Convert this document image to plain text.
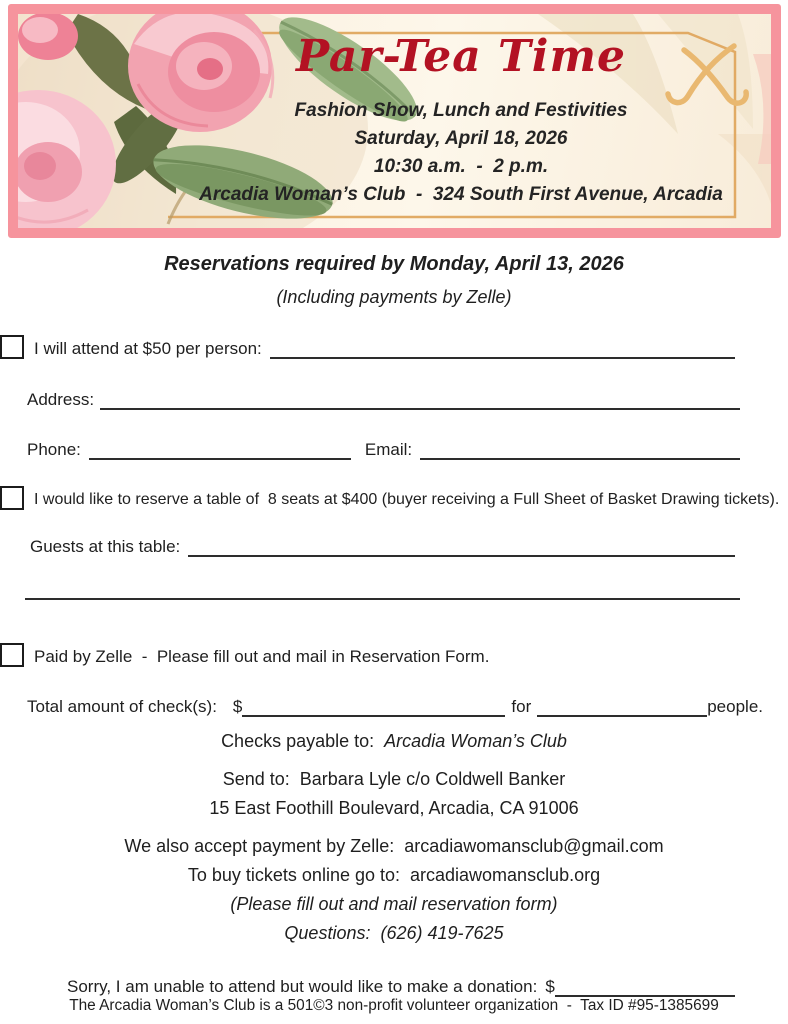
Par-Tea Time
Fashion Show, Lunch and Festivities
Saturday, April 18, 2026
10:30 a.m.  -  2 p.m.
Arcadia Woman’s Club  -  324 South First Avenue, Arcadia
Reservations required by Monday, April 13, 2026
(Including payments by Zelle)
I will attend at $50 per person:
Address:
Phone:	Email:
I would like to reserve a table of  8 seats at $400 (buyer receiving a Full Sheet of Basket Drawing tickets).
Guests at this table:
Paid by Zelle  -  Please fill out and mail in Reservation Form.
Total amount of check(s): $	for	people.
Checks payable to: Arcadia Woman’s Club
Send to:  Barbara Lyle c/o Coldwell Banker
15 East Foothill Boulevard, Arcadia, CA 91006
We also accept payment by Zelle:  arcadiawomansclub@gmail.com
To buy tickets online go to:  arcadiawomansclub.org
(Please fill out and mail reservation form)
Questions:  (626) 419-7625
Sorry, I am unable to attend but would like to make a donation: $
The Arcadia Woman’s Club is a 501©3 non-profit volunteer organization  -  Tax ID #95-1385699
